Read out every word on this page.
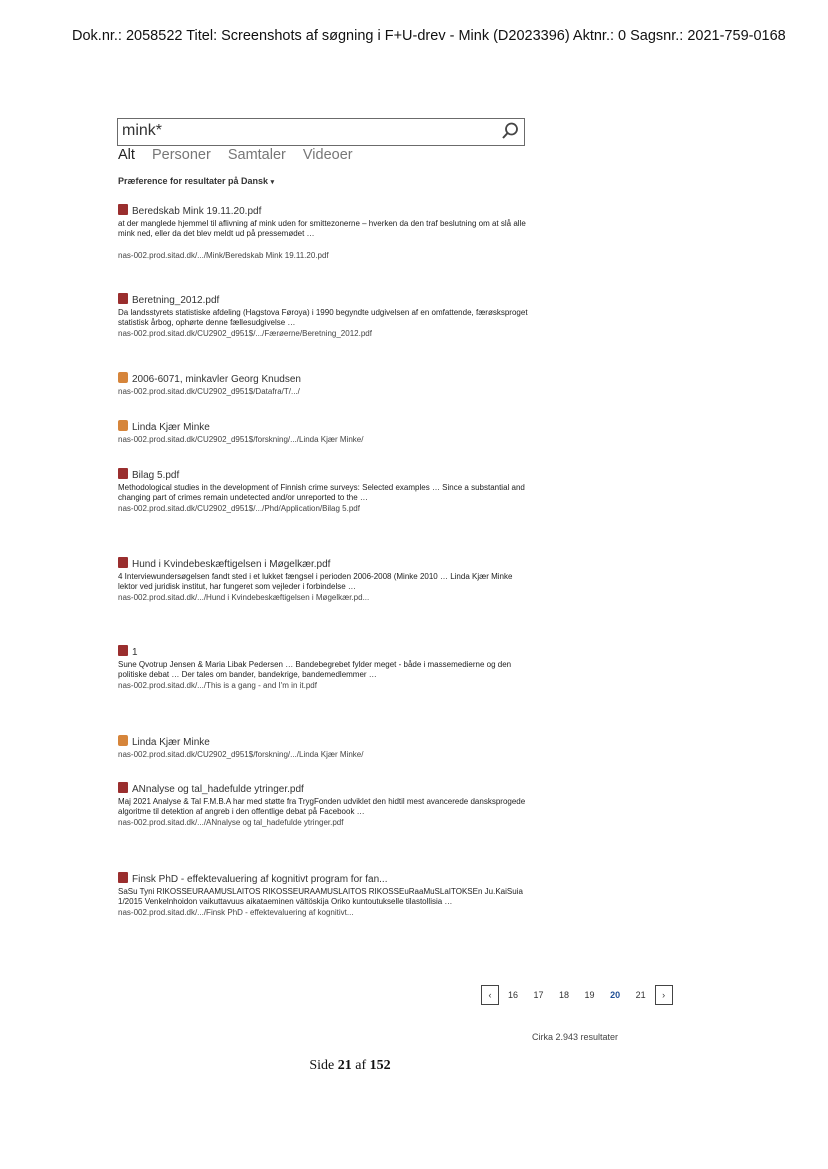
Dok.nr.: 2058522 Titel: Screenshots af søgning i F+U-drev - Mink (D2023396) Aktnr.: 0 Sagsnr.: 2021-759-0168
mink*
Alt Personer Samtaler Videoer
Præference for resultater på Dansk ▾
Beredskab Mink 19.11.20.pdf
at der manglede hjemmel til aflivning af mink uden for smittezonerne – hverken da den traf beslutning om at slå alle mink ned, eller da det blev meldt ud på pressemødet …
nas-002.prod.sitad.dk/.../Mink/Beredskab Mink 19.11.20.pdf
Beretning_2012.pdf
Da landsstyrets statistiske afdeling (Hagstova Føroya) i 1990 begyndte udgivelsen af en omfattende, færøsksproget statistisk årbog, ophørte denne fællesudgivelse …
nas-002.prod.sitad.dk/CU2902_d951$/.../Færøerne/Beretning_2012.pdf
2006-6071, minkavler Georg Knudsen
nas-002.prod.sitad.dk/CU2902_d951$/Datafra/T/.../
Linda Kjær Minke
nas-002.prod.sitad.dk/CU2902_d951$/forskning/.../Linda Kjær Minke/
Bilag 5.pdf
Methodological studies in the development of Finnish crime surveys: Selected examples … Since a substantial and changing part of crimes remain undetected and/or unreported to the …
nas-002.prod.sitad.dk/CU2902_d951$/.../Phd/Application/Bilag 5.pdf
Hund i Kvindebeskæftigelsen i Møgelkær.pdf
4 Interviewundersøgelsen fandt sted i et lukket fængsel i perioden 2006-2008 (Minke 2010 … Linda Kjær Minke lektor ved juridisk institut, har fungeret som vejleder i forbindelse …
nas-002.prod.sitad.dk/.../Hund i Kvindebeskæftigelsen i Møgelkær.pd...
1
Sune Qvotrup Jensen & Maria Libak Pedersen … Bandebegrebet fylder meget - både i massemedierne og den politiske debat … Der tales om bander, bandekrige, bandemedlemmer …
nas-002.prod.sitad.dk/.../This is a gang - and I'm in it.pdf
Linda Kjær Minke
nas-002.prod.sitad.dk/CU2902_d951$/forskning/.../Linda Kjær Minke/
ANnalyse og tal_hadefulde ytringer.pdf
Maj 2021 Analyse & Tal F.M.B.A har med støtte fra TrygFonden udviklet den hidtil mest avancerede dansksprogede algoritme til detektion af angreb i den offentlige debat på Facebook …
nas-002.prod.sitad.dk/.../ANnalyse og tal_hadefulde ytringer.pdf
Finsk PhD - effektevaluering af kognitivt program for fan...
SaSu Tyni RIKOSSEURAAMUSLAITOS RIKOSSEURAAMUSLAITOS RIKOSSEuRaaMuSLaITOKSEn Ju.KaiSuia 1/2015 Venkelnhoidon vaikuttavuus aikataeminen vältöskija Oriko kuntoutukselle tilastollisia …
nas-002.prod.sitad.dk/.../Finsk PhD - effektevaluering af kognitivt...
‹ 16 17 18 19 20 21 ›
Cirka 2.943 resultater
Side 21 af 152
